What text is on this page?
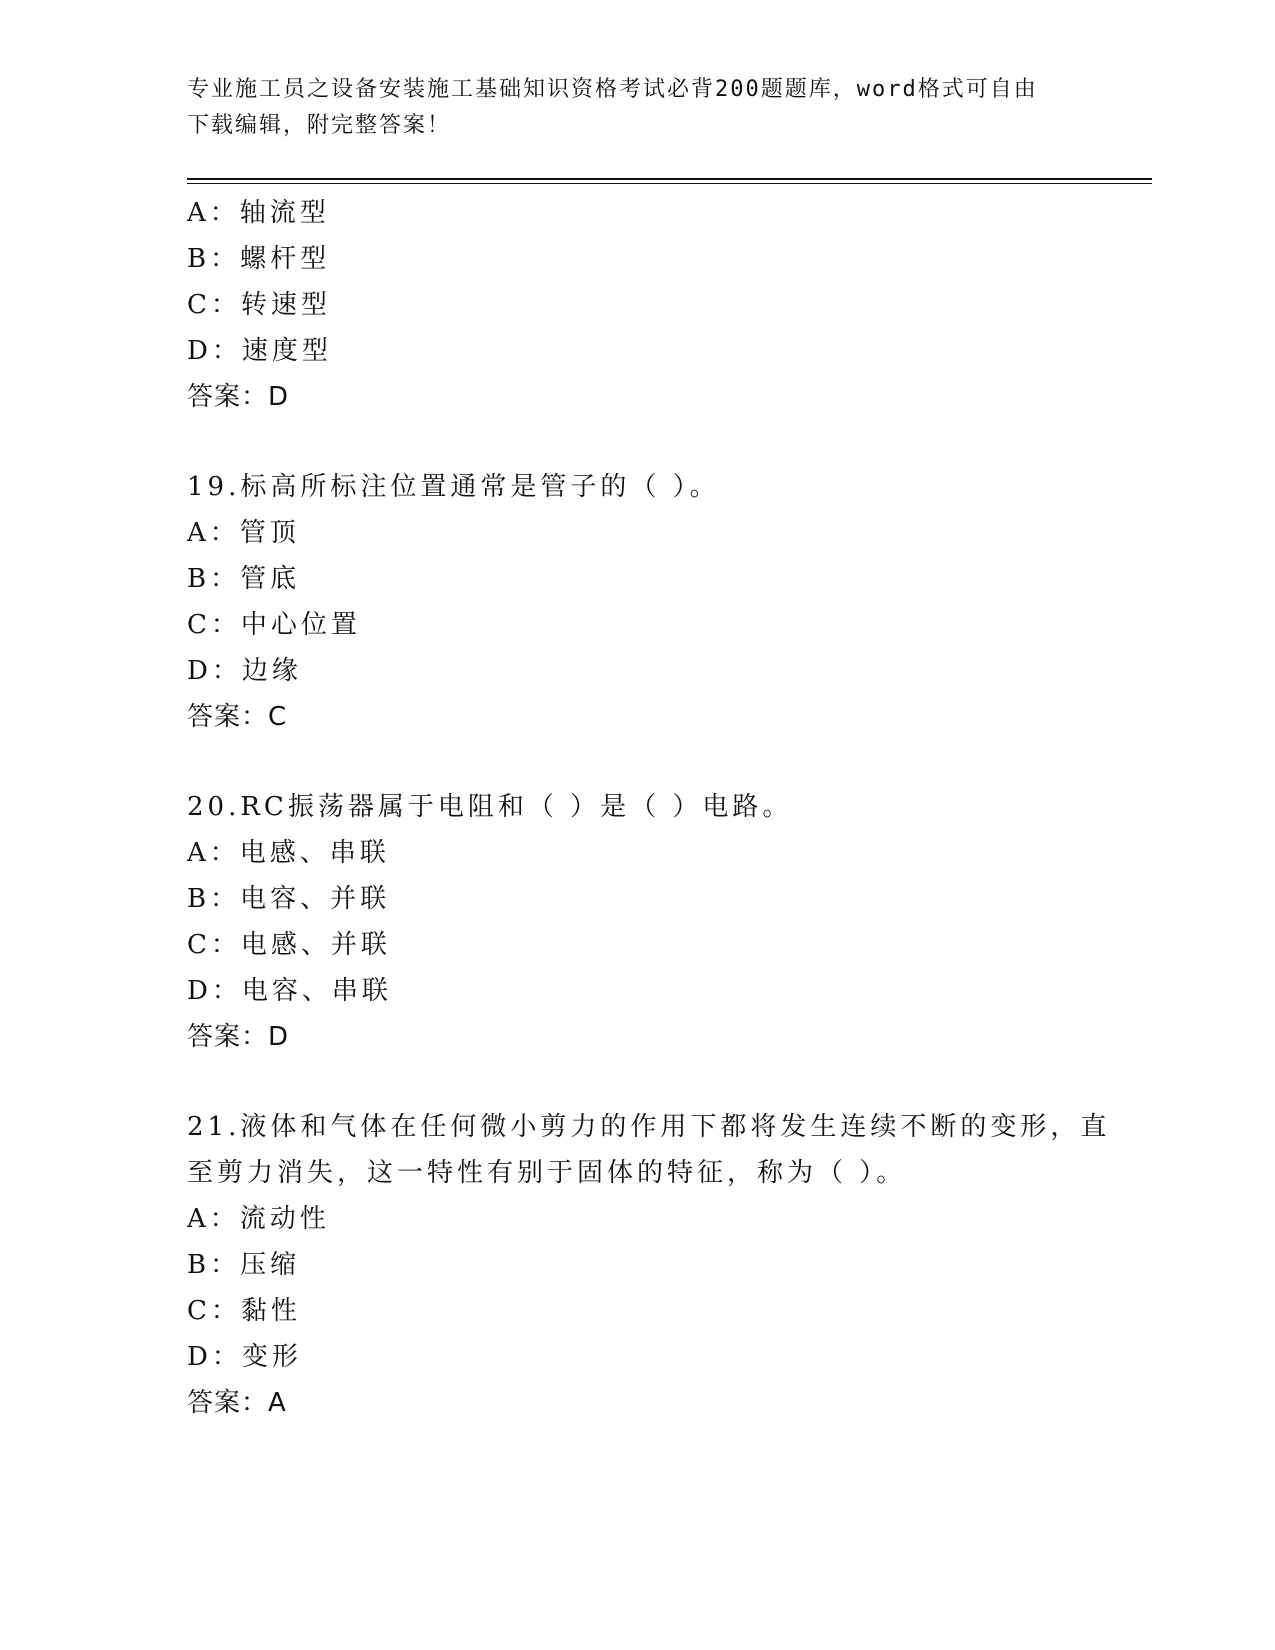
专业施工员之设备安装施工基础知识资格考试必背200题题库，word格式可自由
下载编辑，附完整答案！
A：轴流型
B：螺杆型
C：转速型
D：速度型
答案：D
19.标高所标注位置通常是管子的（ ）。
A：管顶
B：管底
C：中心位置
D：边缘
答案：C
20.RC振荡器属于电阻和（ ）是（ ）电路。
A：电感、串联
B：电容、并联
C：电感、并联
D：电容、串联
答案：D
21.液体和气体在任何微小剪力的作用下都将发生连续不断的变形，直
至剪力消失，这一特性有别于固体的特征，称为（ ）。
A：流动性
B：压缩
C：黏性
D：变形
答案：A
